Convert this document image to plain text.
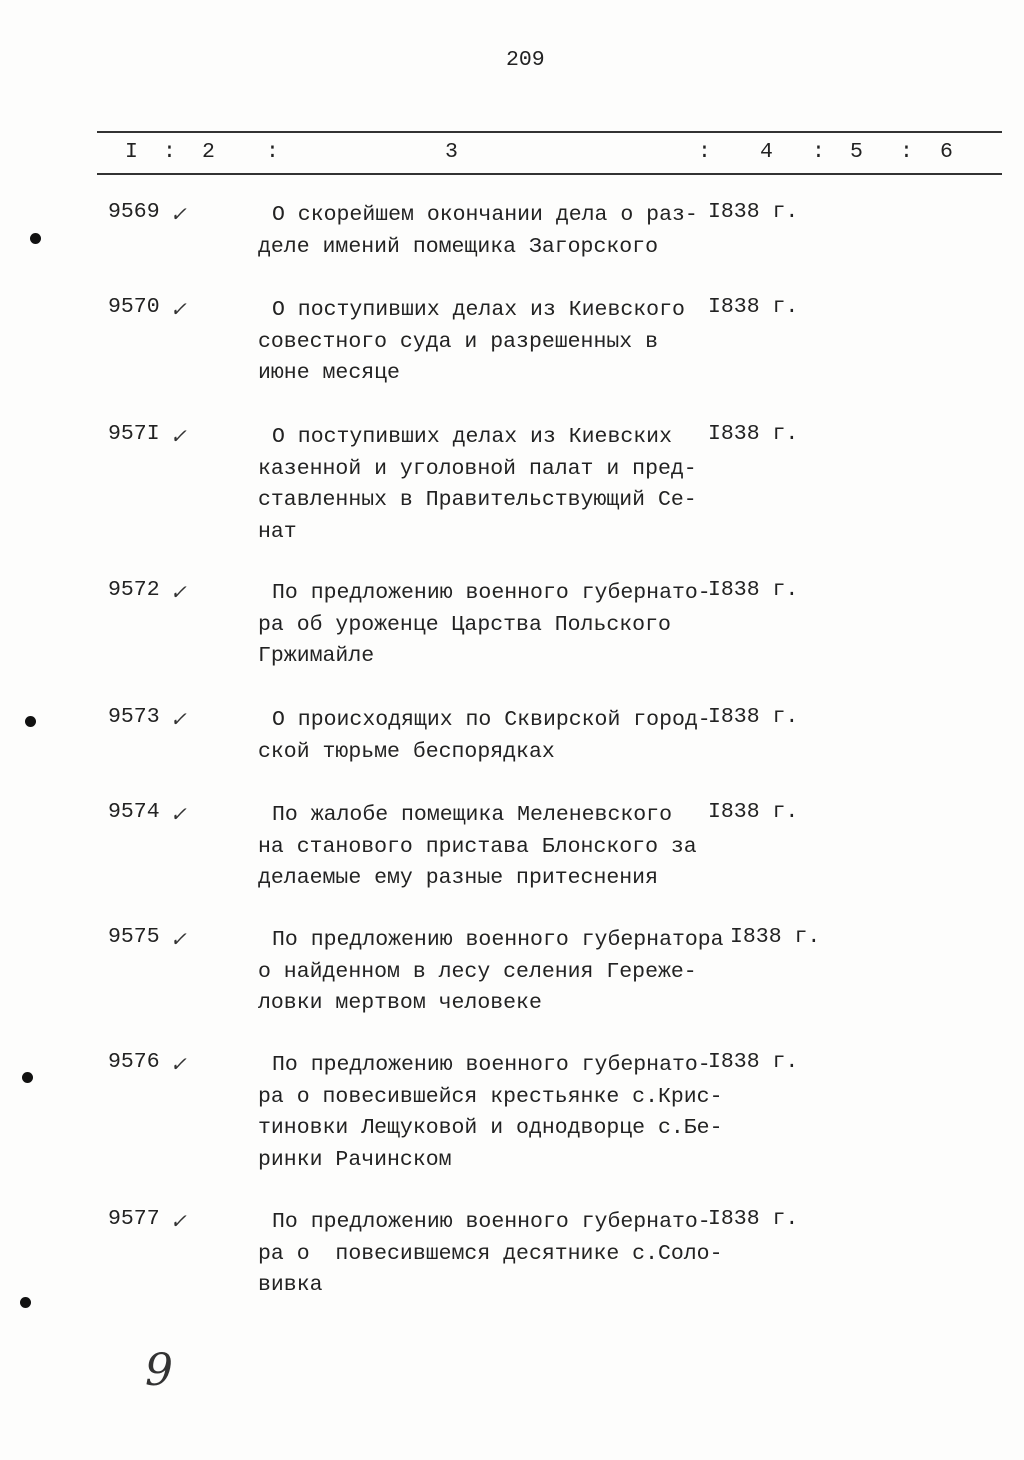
209
I : 2 :	3	: 4 : 5 : 6
9569 ✓	О скорейшем окончании дела о раз-
деле имений помещика Загорского
I838 г.
9570 ✓	О поступивших делах из Киевского
совестного суда и разрешенных в
июне месяце
I838 г.
957I ✓	О поступивших делах из Киевских
казенной и уголовной палат и пред-
ставленных в Правительствующий Се-
нат
I838 г.
9572 ✓	По предложению военного губернато-
ра об уроженце Царства Польского
Гржимайле
I838 г.
9573 ✓	О происходящих по Сквирской город-
ской тюрьме беспорядках
I838 г.
9574 ✓	По жалобе помещика Меленевского
на станового пристава Блонского за
делаемые ему разные притеснения
I838 г.
9575 ✓	По предложению военного губернатора
о найденном в лесу селения Гереже-
ловки мертвом человеке
I838 г.
9576 ✓	По предложению военного губернато-
ра о повесившейся крестьянке с.Крис-
тиновки Лещуковой и однодворце с.Бе-
ринки Рачинском
I838 г.
9577 ✓	По предложению военного губернато-
ра о  повесившемся десятнике с.Соло-
вивка
I838 г.
9
